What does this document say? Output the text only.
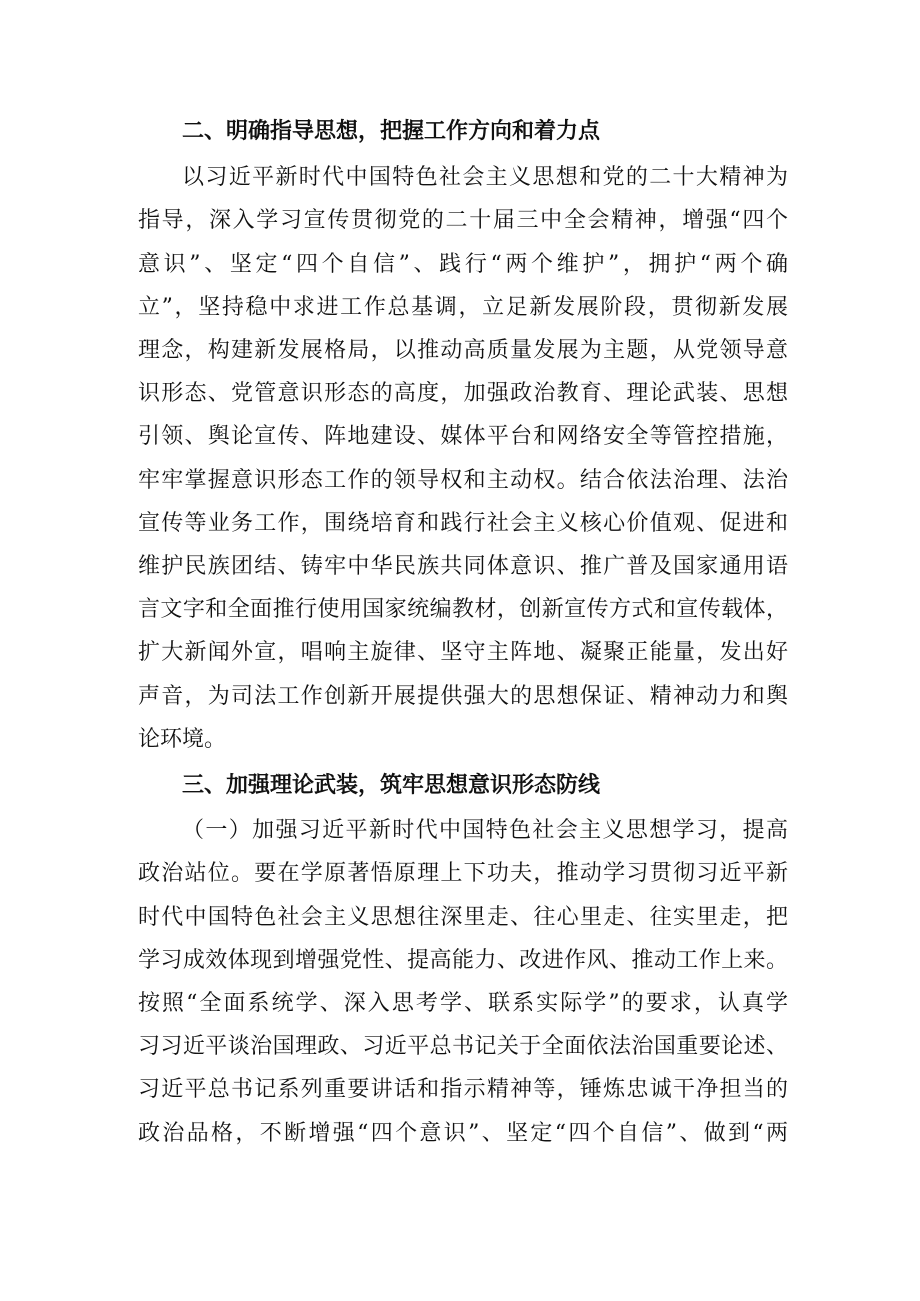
二、明确指导思想，把握工作方向和着力点
以习近平新时代中国特色社会主义思想和党的二十大精神为
指导，深入学习宣传贯彻党的二十届三中全会精神，增强“四个
意识”、坚定“四个自信”、践行“两个维护”，拥护“两个确
立”，坚持稳中求进工作总基调，立足新发展阶段，贯彻新发展
理念，构建新发展格局，以推动高质量发展为主题，从党领导意
识形态、党管意识形态的高度，加强政治教育、理论武装、思想
引领、舆论宣传、阵地建设、媒体平台和网络安全等管控措施，
牢牢掌握意识形态工作的领导权和主动权。结合依法治理、法治
宣传等业务工作，围绕培育和践行社会主义核心价值观、促进和
维护民族团结、铸牢中华民族共同体意识、推广普及国家通用语
言文字和全面推行使用国家统编教材，创新宣传方式和宣传载体，
扩大新闻外宣，唱响主旋律、坚守主阵地、凝聚正能量，发出好
声音，为司法工作创新开展提供强大的思想保证、精神动力和舆
论环境。
三、加强理论武装，筑牢思想意识形态防线
（一）加强习近平新时代中国特色社会主义思想学习，提高
政治站位。要在学原著悟原理上下功夫，推动学习贯彻习近平新
时代中国特色社会主义思想往深里走、往心里走、往实里走，把
学习成效体现到增强党性、提高能力、改进作风、推动工作上来。
按照“全面系统学、深入思考学、联系实际学”的要求，认真学
习习近平谈治国理政、习近平总书记关于全面依法治国重要论述、
习近平总书记系列重要讲话和指示精神等，锤炼忠诚干净担当的
政治品格，不断增强“四个意识”、坚定“四个自信”、做到“两
